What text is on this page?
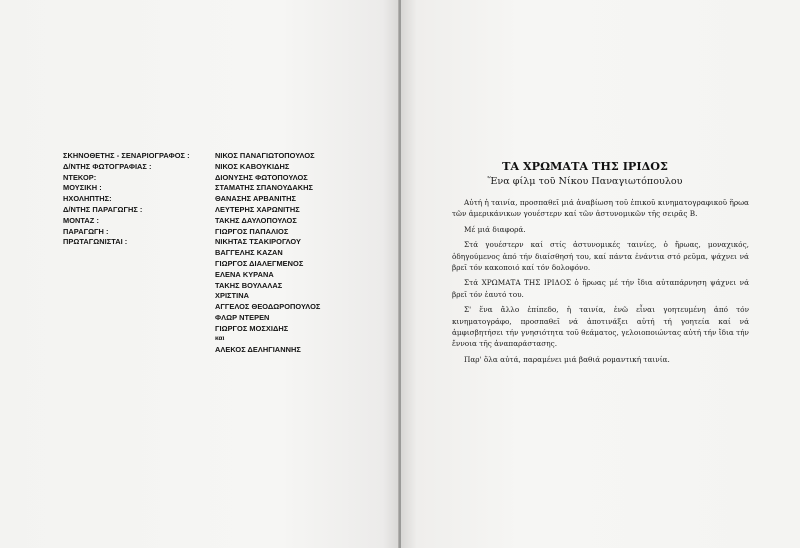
ΣΚΗΝΟΘΕΤΗΣ - ΣΕΝΑΡΙΟΓΡΑΦΟΣ :	ΝΙΚΟΣ ΠΑΝΑΓΙΩΤΟΠΟΥΛΟΣ
Δ/ΝΤΗΣ ΦΩΤΟΓΡΑΦΙΑΣ :	ΝΙΚΟΣ ΚΑΒΟΥΚΙΔΗΣ
ΝΤΕΚΟΡ:	ΔΙΟΝΥΣΗΣ ΦΩΤΟΠΟΥΛΟΣ
ΜΟΥΣΙΚΗ :	ΣΤΑΜΑΤΗΣ ΣΠΑΝΟΥΔΑΚΗΣ
ΗΧΟΛΗΠΤΗΣ:	ΘΑΝΑΣΗΣ ΑΡΒΑΝΙΤΗΣ
Δ/ΝΤΗΣ ΠΑΡΑΓΩΓΗΣ :	ΛΕΥΤΕΡΗΣ ΧΑΡΩΝΙΤΗΣ
ΜΟΝΤΑΖ :	ΤΑΚΗΣ ΔΑΥΛΟΠΟΥΛΟΣ
ΠΑΡΑΓΩΓΗ :	ΓΙΩΡΓΟΣ ΠΑΠΑΛΙΟΣ
ΠΡΩΤΑΓΩΝΙΣΤΑΙ :	ΝΙΚΗΤΑΣ ΤΣΑΚΙΡΟΓΛΟΥ
ΒΑΓΓΕΛΗΣ ΚΑΖΑΝ
ΓΙΩΡΓΟΣ ΔΙΑΛΕΓΜΕΝΟΣ
ΕΛΕΝΑ ΚΥΡΑΝΑ
ΤΑΚΗΣ ΒΟΥΛΑΛΑΣ
ΧΡΙΣΤΙΝΑ
ΑΓΓΕΛΟΣ ΘΕΟΔΩΡΟΠΟΥΛΟΣ
ΦΛΩΡ ΝΤΕΡΕΝ
ΓΙΩΡΓΟΣ ΜΟΣΧΙΔΗΣ
και
ΑΛΕΚΟΣ ΔΕΛΗΓΙΑΝΝΗΣ
ΤΑ ΧΡΩΜΑΤΑ ΤΗΣ ΙΡΙΔΟΣ
Ἕνα φίλμ τοῦ Νίκου Παναγιωτόπουλου

Αὐτή ἡ ταινία, προσπαθεῖ μιά ἀναβίωση τοῦ ἐπικοῦ κινηματογραφικοῦ ἥρωα τῶν ἀμερικάνικων γουέστερν καί τῶν ἀστυνομικῶν τῆς σειρᾶς Β.

Μέ μιά διαφορά.

Στά γουέστερν καί στίς ἀστυνομικές ταινίες, ὁ ἥρωας, μοναχικός, ὁδηγούμενος ἀπό τήν διαίσθησή του, καί πάντα ἐνάντια στό ρεῦμα, ψάχνει νά βρεῖ τόν κακοποιό καί τόν δολοφόνο.

Στά ΧΡΩΜΑΤΑ ΤΗΣ ΙΡΙΔΟΣ ὁ ἥρωας μέ τήν ἴδια αὐταπάρνηση ψάχνει νά βρεῖ τόν ἑαυτό του.

Σ' ἕνα ἄλλο ἐπίπεδο, ἡ ταινία, ἐνῶ εἶναι γοητευμένη ἀπό τόν κινηματογράφο, προσπαθεῖ νά ἀποτινάξει αὐτή τή γοητεία καί νά ἀμφισβητήσει τήν γνησιότητα τοῦ θεάματος, γελοιοποιώντας αὐτή τήν ἴδια τήν ἔννοια τῆς ἀναπαράστασης.

Παρ' ὅλα αὐτά, παραμένει μιά βαθιά ρομαντική ταινία.
